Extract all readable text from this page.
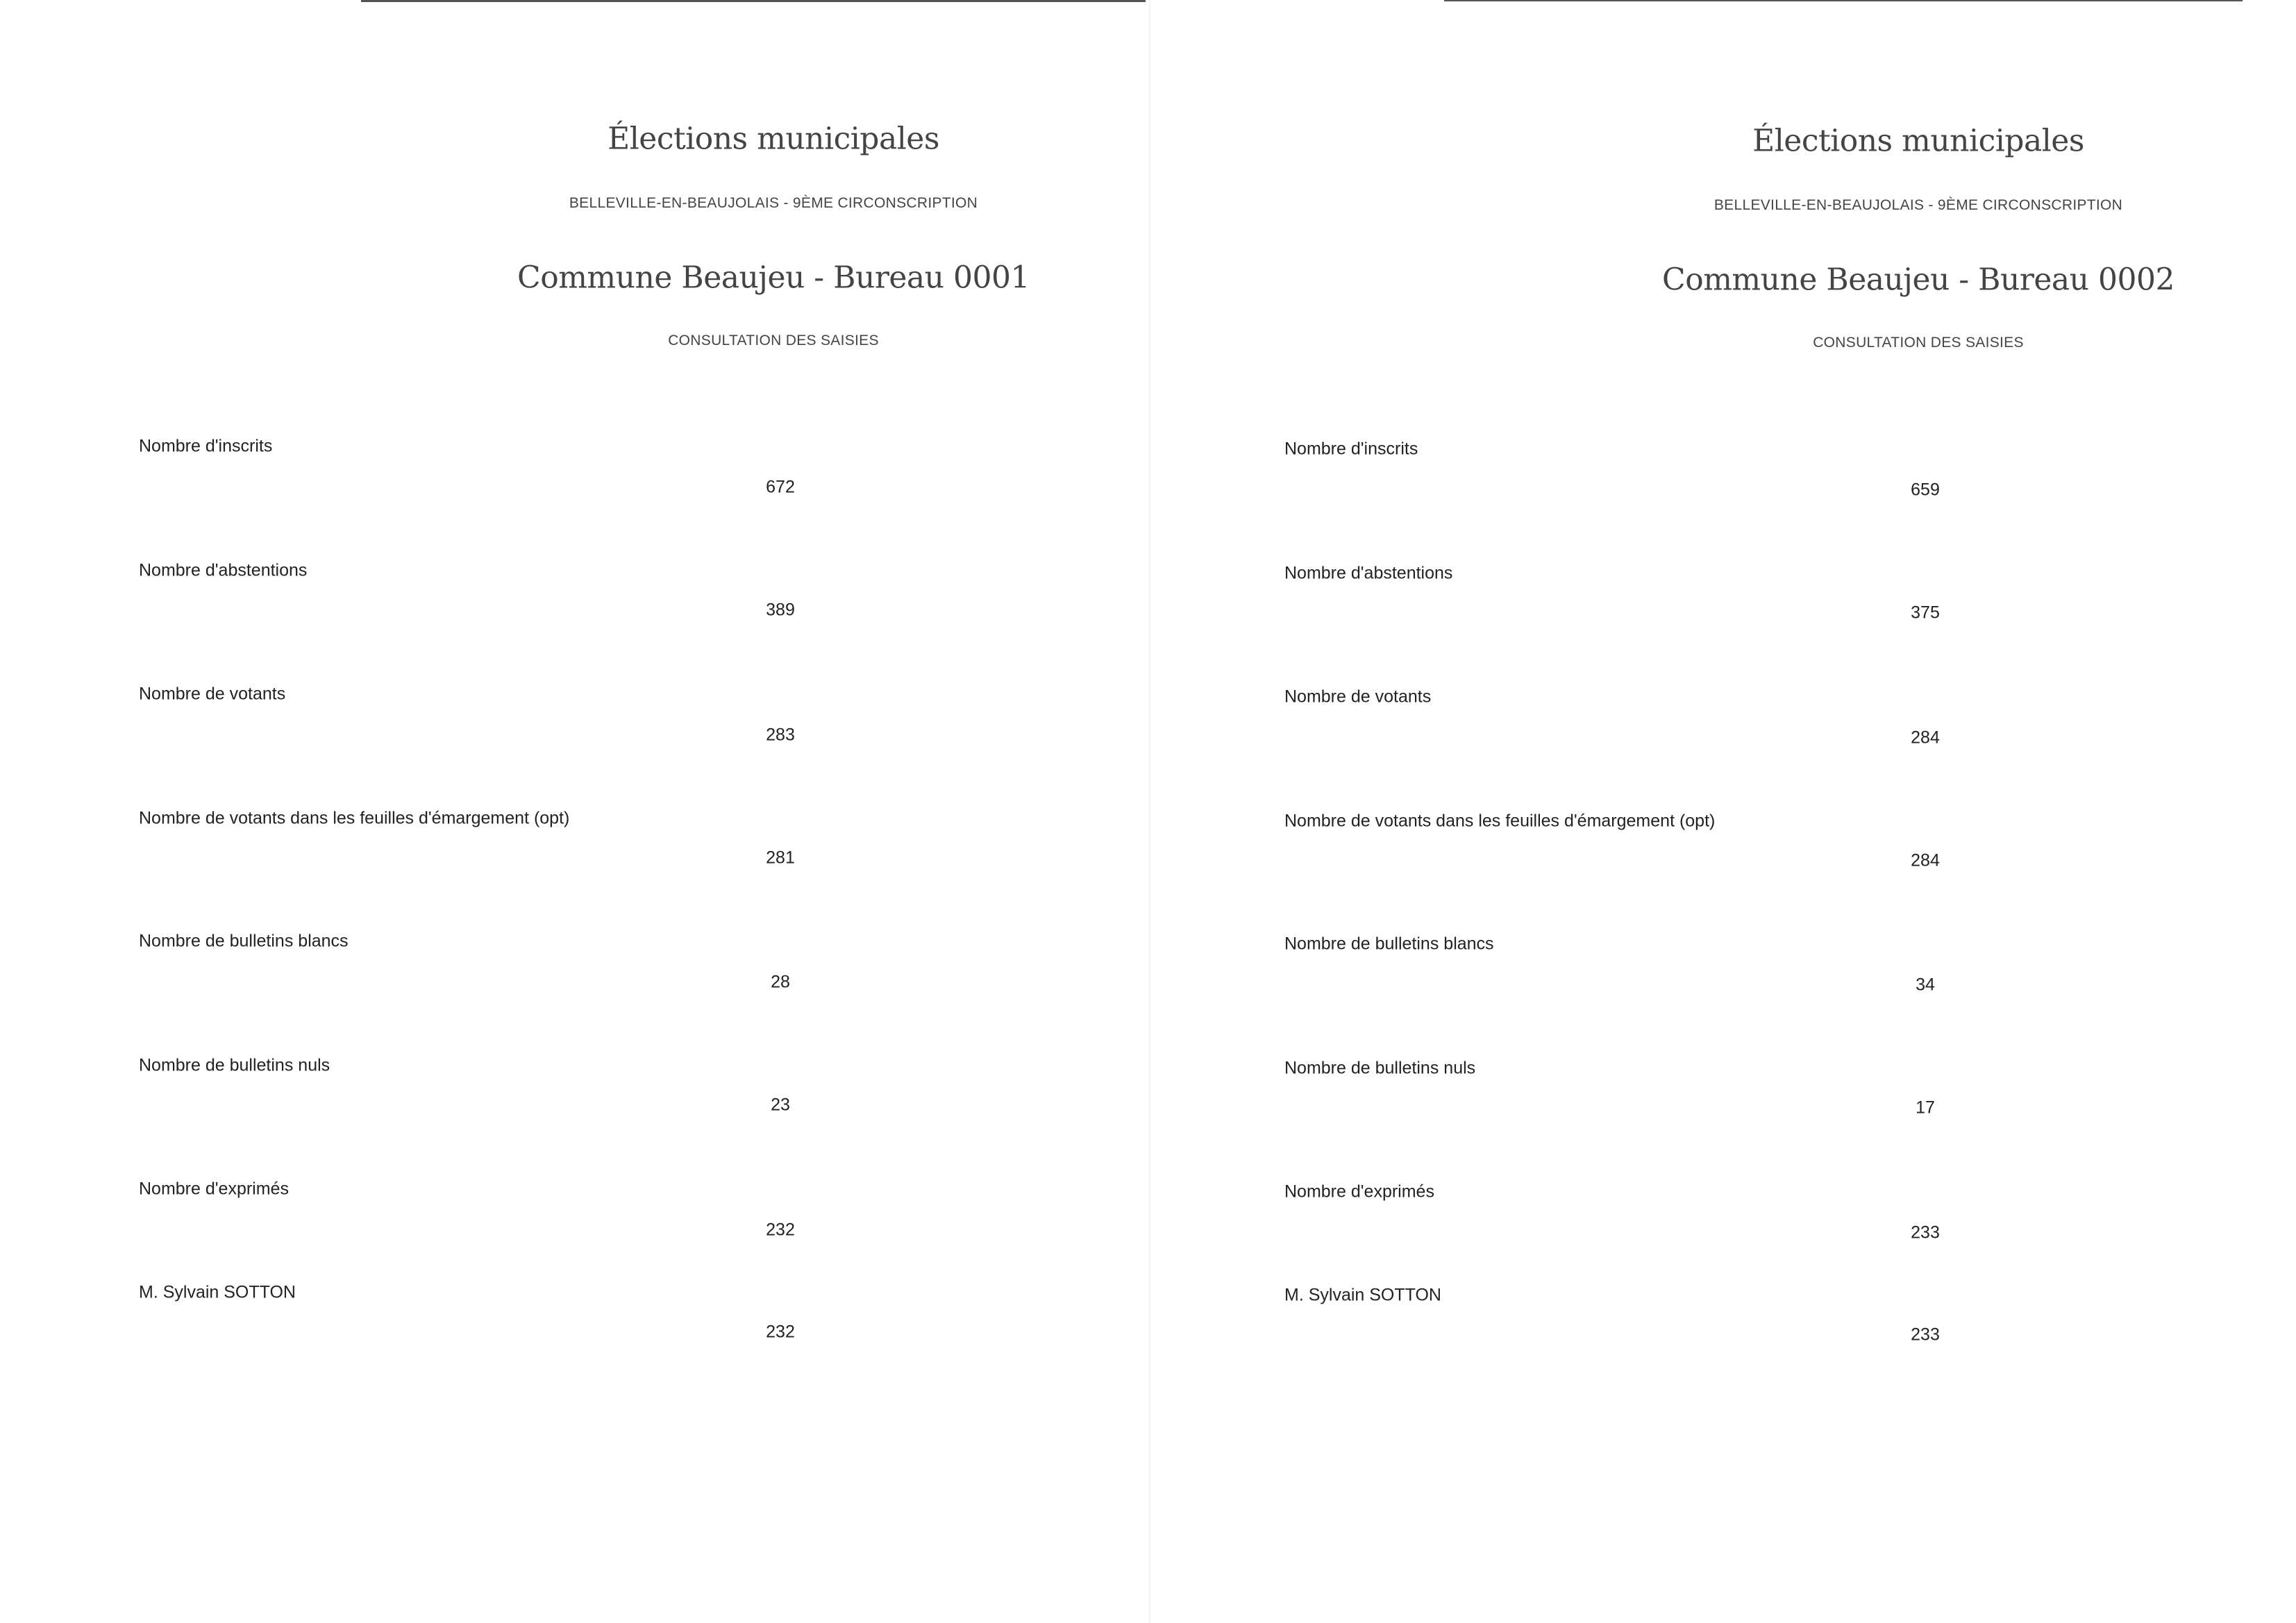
Élections municipales
BELLEVILLE-EN-BEAUJOLAIS - 9ÈME CIRCONSCRIPTION
Commune Beaujeu - Bureau 0001
CONSULTATION DES SAISIES
Nombre d'inscrits
672
Nombre d'abstentions
389
Nombre de votants
283
Nombre de votants dans les feuilles d'émargement (opt)
281
Nombre de bulletins blancs
28
Nombre de bulletins nuls
23
Nombre d'exprimés
232
M. Sylvain SOTTON
232
Élections municipales
BELLEVILLE-EN-BEAUJOLAIS - 9ÈME CIRCONSCRIPTION
Commune Beaujeu - Bureau 0002
CONSULTATION DES SAISIES
Nombre d'inscrits
659
Nombre d'abstentions
375
Nombre de votants
284
Nombre de votants dans les feuilles d'émargement (opt)
284
Nombre de bulletins blancs
34
Nombre de bulletins nuls
17
Nombre d'exprimés
233
M. Sylvain SOTTON
233
